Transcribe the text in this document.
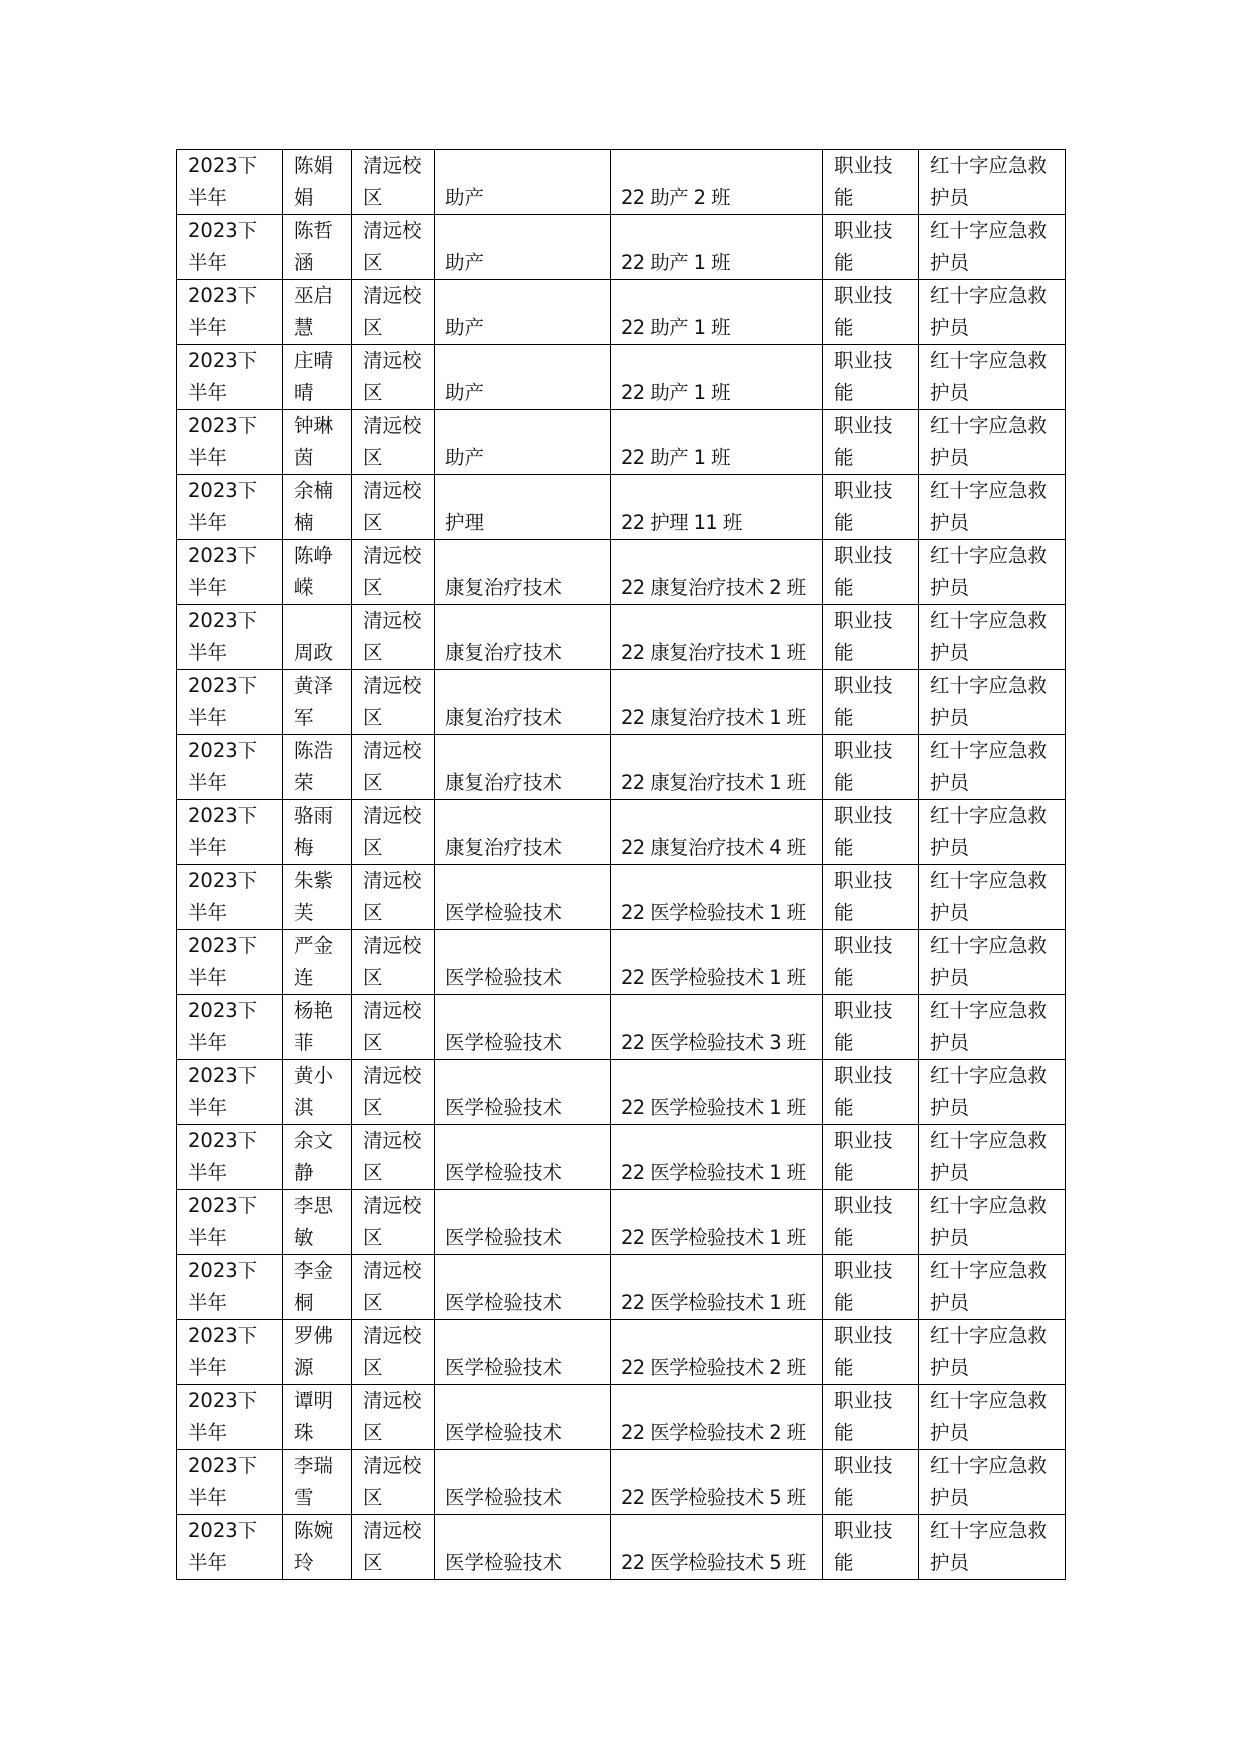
2023下半年	陈娟娟	清远校区	助产	22 助产 2 班	职业技能	红十字应急救护员
2023下半年	陈哲涵	清远校区	助产	22 助产 1 班	职业技能	红十字应急救护员
2023下半年	巫启慧	清远校区	助产	22 助产 1 班	职业技能	红十字应急救护员
2023下半年	庄晴晴	清远校区	助产	22 助产 1 班	职业技能	红十字应急救护员
2023下半年	钟琳茵	清远校区	助产	22 助产 1 班	职业技能	红十字应急救护员
2023下半年	余楠楠	清远校区	护理	22 护理 11 班	职业技能	红十字应急救护员
2023下半年	陈峥嵘	清远校区	康复治疗技术	22 康复治疗技术 2 班	职业技能	红十字应急救护员
2023下半年	周政	清远校区	康复治疗技术	22 康复治疗技术 1 班	职业技能	红十字应急救护员
2023下半年	黄泽军	清远校区	康复治疗技术	22 康复治疗技术 1 班	职业技能	红十字应急救护员
2023下半年	陈浩荣	清远校区	康复治疗技术	22 康复治疗技术 1 班	职业技能	红十字应急救护员
2023下半年	骆雨梅	清远校区	康复治疗技术	22 康复治疗技术 4 班	职业技能	红十字应急救护员
2023下半年	朱紫芙	清远校区	医学检验技术	22 医学检验技术 1 班	职业技能	红十字应急救护员
2023下半年	严金连	清远校区	医学检验技术	22 医学检验技术 1 班	职业技能	红十字应急救护员
2023下半年	杨艳菲	清远校区	医学检验技术	22 医学检验技术 3 班	职业技能	红十字应急救护员
2023下半年	黄小淇	清远校区	医学检验技术	22 医学检验技术 1 班	职业技能	红十字应急救护员
2023下半年	余文静	清远校区	医学检验技术	22 医学检验技术 1 班	职业技能	红十字应急救护员
2023下半年	李思敏	清远校区	医学检验技术	22 医学检验技术 1 班	职业技能	红十字应急救护员
2023下半年	李金桐	清远校区	医学检验技术	22 医学检验技术 1 班	职业技能	红十字应急救护员
2023下半年	罗佛源	清远校区	医学检验技术	22 医学检验技术 2 班	职业技能	红十字应急救护员
2023下半年	谭明珠	清远校区	医学检验技术	22 医学检验技术 2 班	职业技能	红十字应急救护员
2023下半年	李瑞雪	清远校区	医学检验技术	22 医学检验技术 5 班	职业技能	红十字应急救护员
2023下半年	陈婉玲	清远校区	医学检验技术	22 医学检验技术 5 班	职业技能	红十字应急救护员
